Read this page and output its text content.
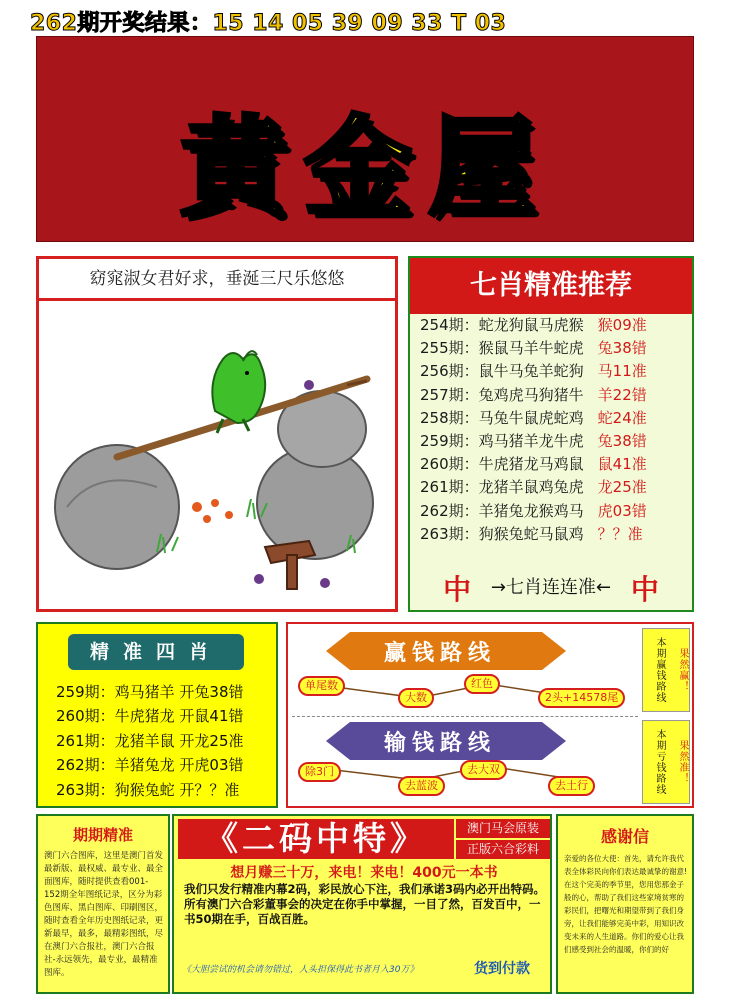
262期开奖结果：15 14 05 39 09 33 T 03
黄金屋
窈窕淑女君好求，垂涎三尺乐悠悠	七肖精准推荐
254期： 蛇龙狗鼠马虎猴 猴09准
255期： 猴鼠马羊牛蛇虎 兔38错
256期： 鼠牛马兔羊蛇狗 马11准
257期： 兔鸡虎马狗猪牛 羊22错
258期： 马兔牛鼠虎蛇鸡 蛇24准
259期： 鸡马猪羊龙牛虎 兔38错
260期： 牛虎猪龙马鸡鼠 鼠41准
261期： 龙猪羊鼠鸡兔虎 龙25准
262期： 羊猪兔龙猴鸡马 虎03错
263期： 狗猴兔蛇马鼠鸡 ？？准
中 →七肖连连准← 中
精准四肖
259期：鸡马猪羊 开兔38错
260期：牛虎猪龙 开鼠41错
261期：龙猪羊鼠 开龙25准
262期：羊猪兔龙 开虎03错
263期：狗猴兔蛇 开？？准
赢钱路线
单尾数
大数
红色
2头+14578尾	本期赢钱路线	果然赢！
输钱路线
除3门
去蓝波
去大双
去土行	本期亏钱路线	果然准！
期期精准
澳门六合图库，这里是澳门首发最新版、最权威、最专业、最全面图库，随时提供查看001-152期全年图纸记录，区分为彩色图库、黑白图库、印刷图区，随时查看全年历史图纸记录，更新最早，最多，最精彩图纸，尽在澳门六合报社，澳门六合报社-永远领先，最专业，最精准图库。
《二码中特》	澳门马会原装
正版六合彩料
想月赚三十万，来电！来电！400元一本书
我们只发行精准内幕2码，彩民放心下注，我们承诺3码内必开出特码。所有澳门六合彩董事会的决定在你手中掌握，一目了然，百发百中，一书50期在手，百战百胜。
《大胆尝试的机会请勿错过，人头担保得此书者月入30万》	货到付款
感谢信
亲爱的各位大使：首先，请允许我代表全体彩民向你们表达最诚挚的谢意!在这个完美的季节里，您用您那金子般的心，帮助了我们这些家境贫寒的彩民们，把曙光和期望带到了我们身旁，让我们能够完美中彩，用知识改变未来的人生道路。你们的爱心让我们感受到社会的温暖，你们的好
